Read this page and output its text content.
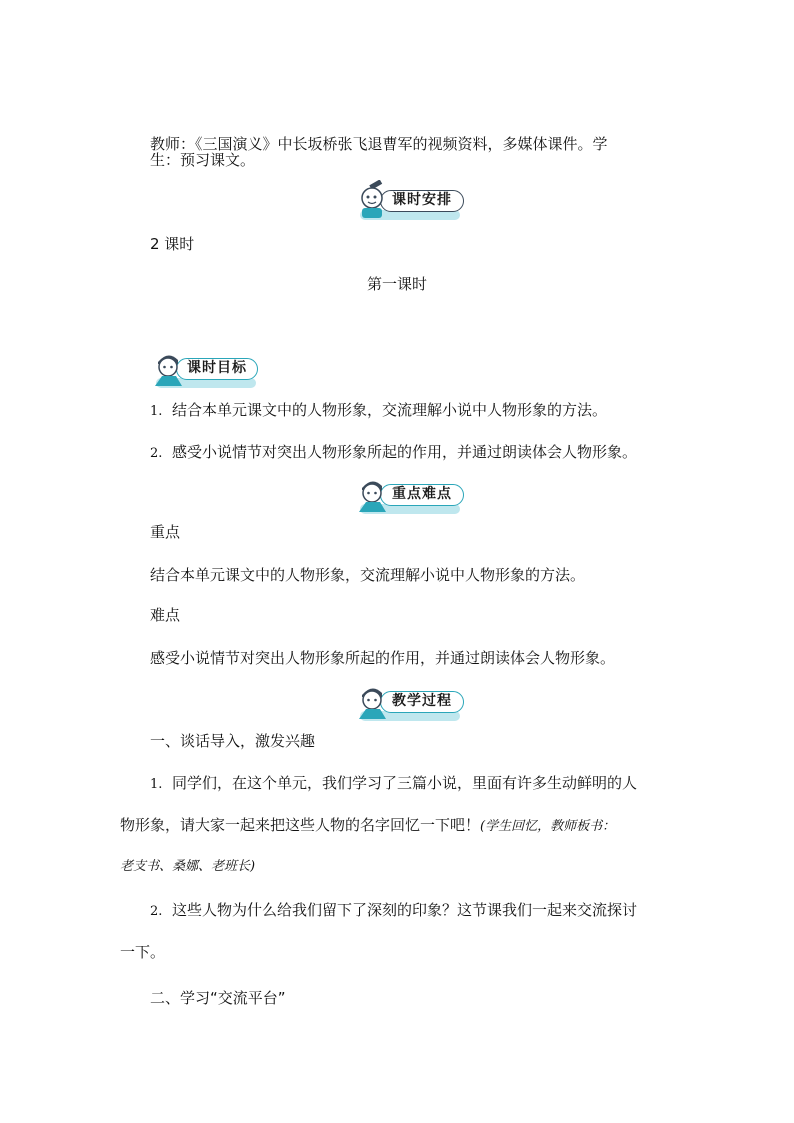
教师：《三国演义》中长坂桥张飞退曹军的视频资料，多媒体课件。学
生：预习课文。
课时安排
2 课时
第一课时
课时目标
1. 结合本单元课文中的人物形象，交流理解小说中人物形象的方法。
2. 感受小说情节对突出人物形象所起的作用，并通过朗读体会人物形象。
重点难点
重点
结合本单元课文中的人物形象，交流理解小说中人物形象的方法。
难点
感受小说情节对突出人物形象所起的作用，并通过朗读体会人物形象。
教学过程
一、谈话导入，激发兴趣
1. 同学们，在这个单元，我们学习了三篇小说，里面有许多生动鲜明的人
物形象，请大家一起来把这些人物的名字回忆一下吧！(学生回忆，教师板书：
老支书、桑娜、老班长)
2. 这些人物为什么给我们留下了深刻的印象？这节课我们一起来交流探讨
一下。
二、学习“交流平台”
